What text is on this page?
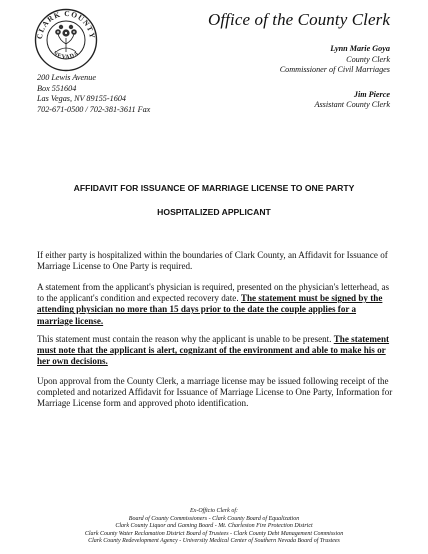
CLARK COUNTY
NEVADA
Office of the County Clerk
Lynn Marie Goya
County Clerk
Commissioner of Civil Marriages
Jim Pierce
Assistant County Clerk
200 Lewis Avenue
Box 551604
Las Vegas, NV 89155-1604
702-671-0500 / 702-381-3611 Fax
AFFIDAVIT FOR ISSUANCE OF MARRIAGE LICENSE TO ONE PARTY
HOSPITALIZED APPLICANT

If either party is hospitalized within the boundaries of Clark County, an Affidavit for Issuance of Marriage License to One Party is required.

A statement from the applicant's physician is required, presented on the physician's letterhead, as to the applicant's condition and expected recovery date. The statement must be signed by the attending physician no more than 15 days prior to the date the couple applies for a marriage license.

This statement must contain the reason why the applicant is unable to be present. The statement must note that the applicant is alert, cognizant of the environment and able to make his or her own decisions.

Upon approval from the County Clerk, a marriage license may be issued following receipt of the completed and notarized Affidavit for Issuance of Marriage License to One Party, Information for Marriage License form and approved photo identification.

Ex-Officio Clerk of:
Board of County Commissioners - Clark County Board of Equalization
Clark County Liquor and Gaming Board - Mt. Charleston Fire Protection District
Clark County Water Reclamation District Board of Trustees - Clark County Debt Management Commission
Clark County Redevelopment Agency - University Medical Center of Southern Nevada Board of Trustees
